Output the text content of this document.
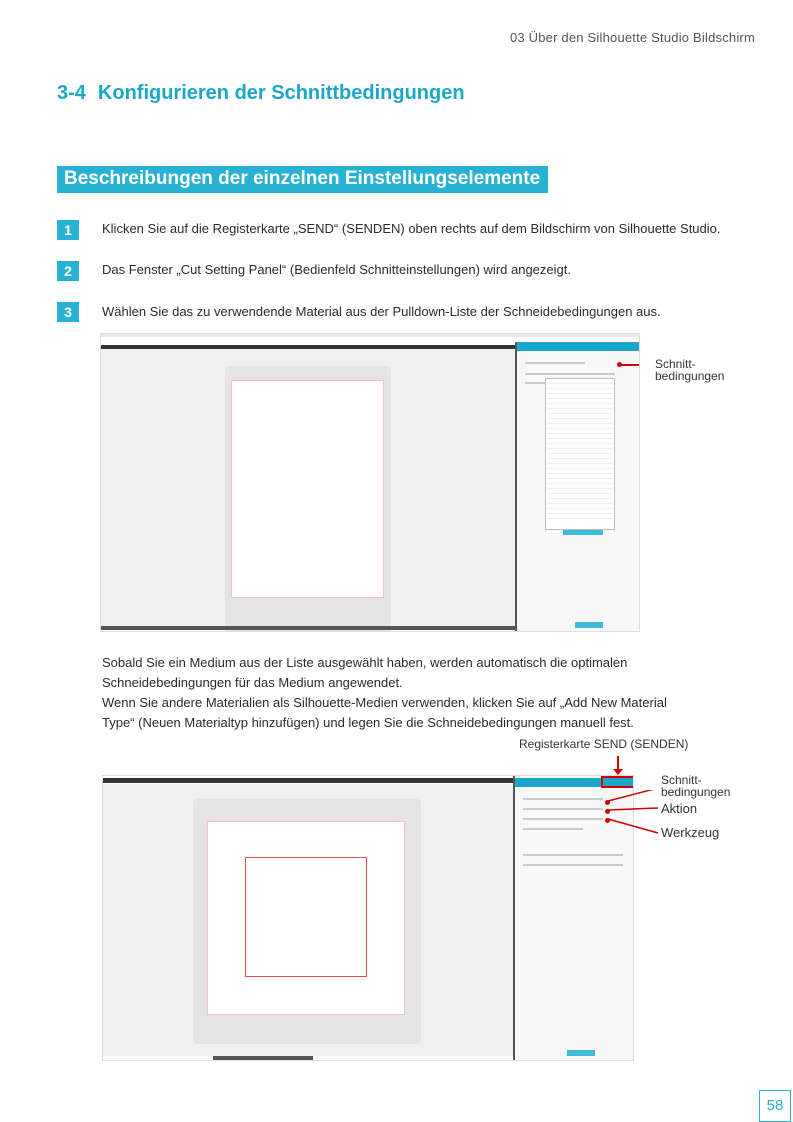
03 Über den Silhouette Studio Bildschirm
3-4 Konfigurieren der Schnittbedingungen
Beschreibungen der einzelnen Einstellungselemente
1	Klicken Sie auf die Registerkarte „SEND“ (SENDEN) oben rechts auf dem Bildschirm von Silhouette Studio.
2	Das Fenster „Cut Setting Panel“ (Bedienfeld Schnitteinstellungen) wird angezeigt.
3	Wählen Sie das zu verwendende Material aus der Pulldown-Liste der Schneidebedingungen aus.
Schnitt-
bedingungen

Sobald Sie ein Medium aus der Liste ausgewählt haben, werden automatisch die optimalen

Schneidebedingungen für das Medium angewendet.

Wenn Sie andere Materialien als Silhouette-Medien verwenden, klicken Sie auf „Add New Material

Type“ (Neuen Materialtyp hinzufügen) und legen Sie die Schneidebedingungen manuell fest.

Registerkarte SEND (SENDEN)
Schnitt-
bedingungen
Aktion
Werkzeug
58
